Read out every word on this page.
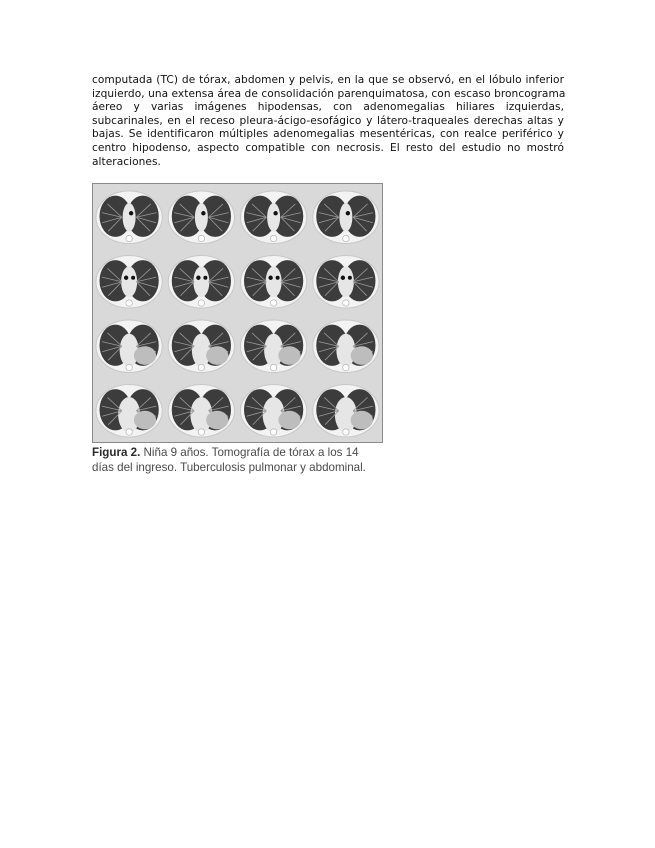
computada (TC) de tórax, abdomen y pelvis, en la que se observó, en el lóbulo inferior
izquierdo, una extensa área de consolidación parenquimatosa, con escaso broncograma
áereo y varias imágenes hipodensas, con adenomegalias hiliares izquierdas,
subcarinales, en el receso pleura-ácigo-esofágico y látero-traqueales derechas altas y
bajas. Se identificaron múltiples adenomegalias mesentéricas, con realce periférico y
centro hipodenso, aspecto compatible con necrosis. El resto del estudio no mostró
alteraciones.
Figura 2. Niña 9 años. Tomografía de tórax a los 14
días del ingreso. Tuberculosis pulmonar y abdominal.
